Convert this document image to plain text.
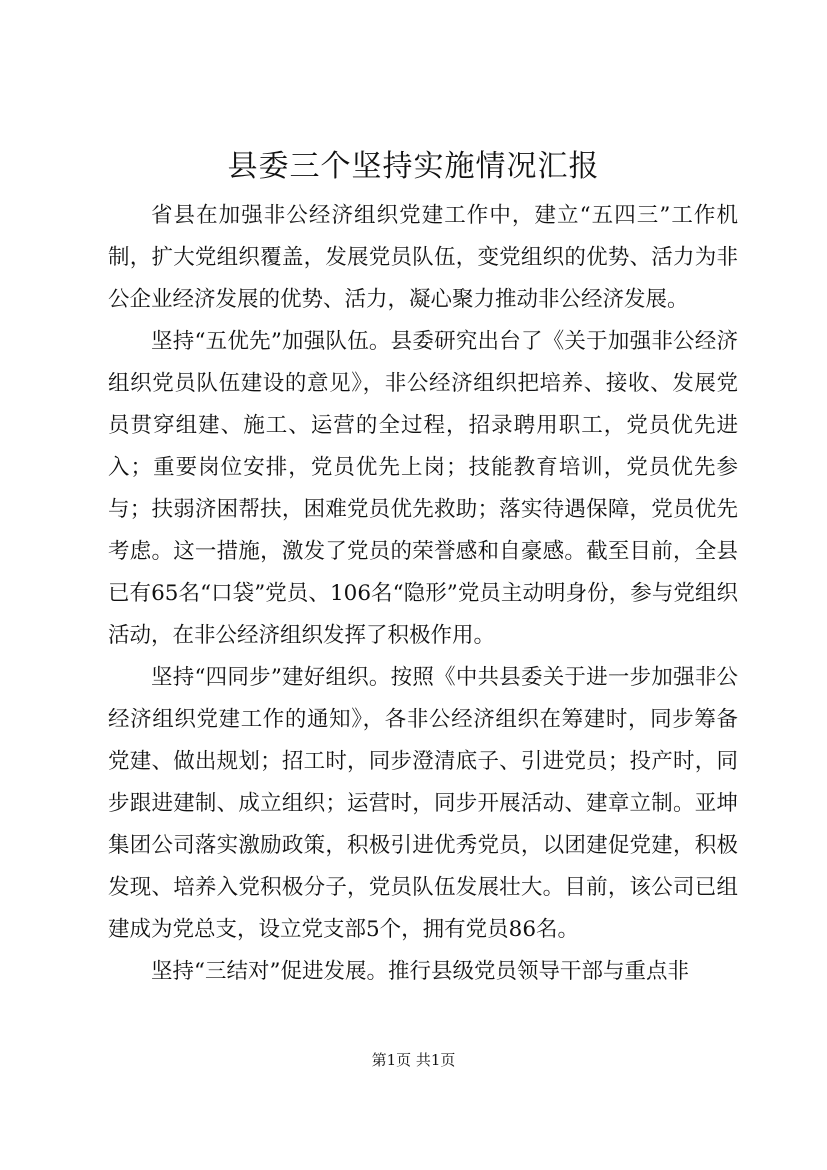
县委三个坚持实施情况汇报

省县在加强非公经济组织党建工作中，建立“五四三”工作机制，扩大党组织覆盖，发展党员队伍，变党组织的优势、活力为非公企业经济发展的优势、活力，凝心聚力推动非公经济发展。

坚持“五优先”加强队伍。县委研究出台了《关于加强非公经济组织党员队伍建设的意见》，非公经济组织把培养、接收、发展党员贯穿组建、施工、运营的全过程，招录聘用职工，党员优先进入；重要岗位安排，党员优先上岗；技能教育培训，党员优先参与；扶弱济困帮扶，困难党员优先救助；落实待遇保障，党员优先考虑。这一措施，激发了党员的荣誉感和自豪感。截至目前，全县已有65名“口袋”党员、106名“隐形”党员主动明身份，参与党组织活动，在非公经济组织发挥了积极作用。

坚持“四同步”建好组织。按照《中共县委关于进一步加强非公经济组织党建工作的通知》，各非公经济组织在筹建时，同步筹备党建、做出规划；招工时，同步澄清底子、引进党员；投产时，同步跟进建制、成立组织；运营时，同步开展活动、建章立制。亚坤集团公司落实激励政策，积极引进优秀党员，以团建促党建，积极发现、培养入党积极分子，党员队伍发展壮大。目前，该公司已组建成为党总支，设立党支部5个，拥有党员86名。

坚持“三结对”促进发展。推行县级党员领导干部与重点非

第1页 共1页
